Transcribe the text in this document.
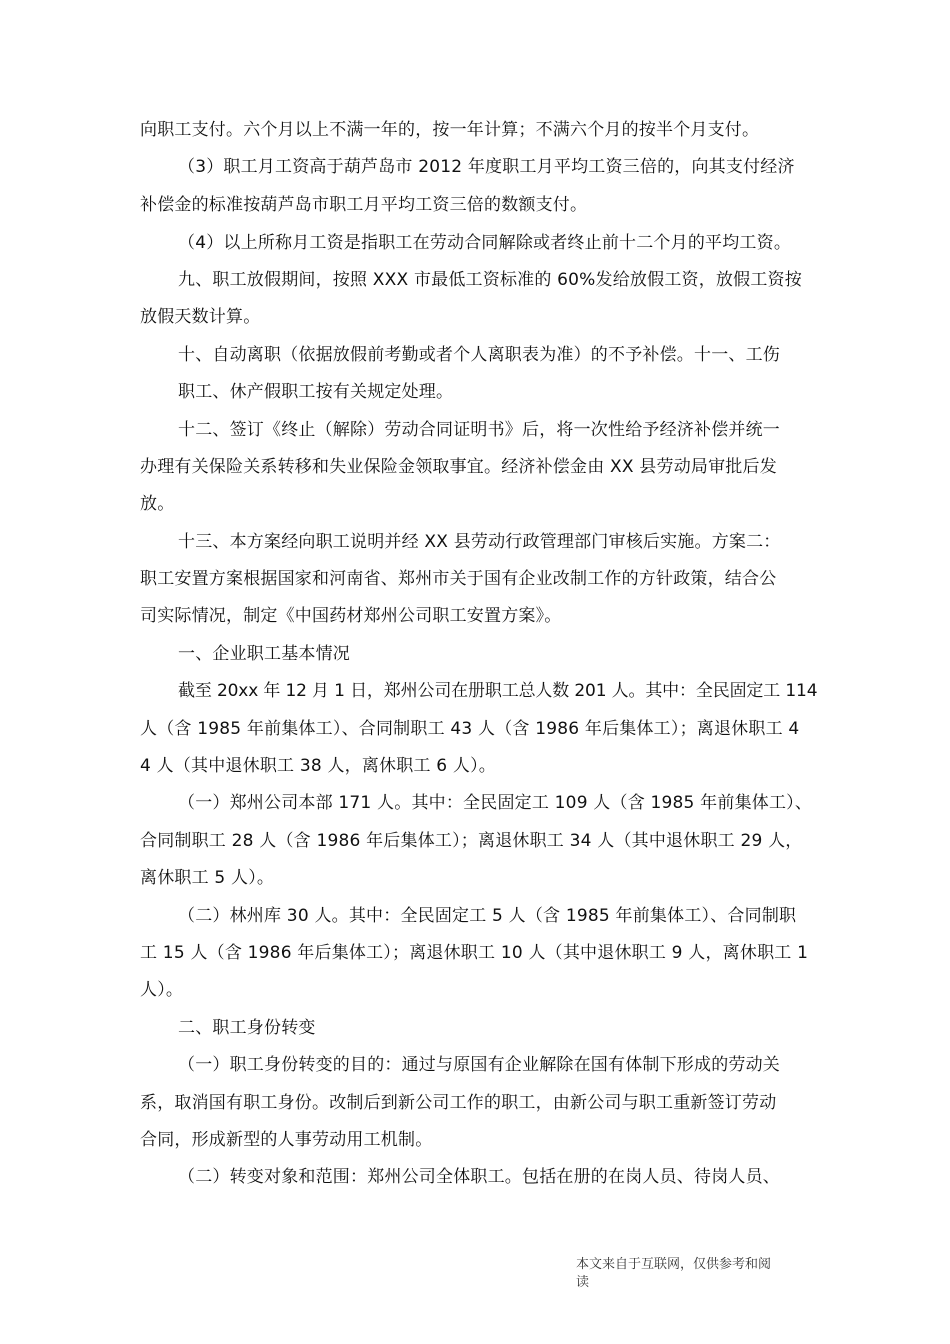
向职工支付。六个月以上不满一年的，按一年计算；不满六个月的按半个月支付。
（3）职工月工资高于葫芦岛市 2012 年度职工月平均工资三倍的，向其支付经济
补偿金的标准按葫芦岛市职工月平均工资三倍的数额支付。
（4）以上所称月工资是指职工在劳动合同解除或者终止前十二个月的平均工资。
九、职工放假期间，按照 XXX 市最低工资标准的 60%发给放假工资，放假工资按
放假天数计算。
十、自动离职（依据放假前考勤或者个人离职表为准）的不予补偿。十一、工伤
职工、休产假职工按有关规定处理。
十二、签订《终止（解除）劳动合同证明书》后，将一次性给予经济补偿并统一
办理有关保险关系转移和失业保险金领取事宜。经济补偿金由 XX 县劳动局审批后发
放。
十三、本方案经向职工说明并经 XX 县劳动行政管理部门审核后实施。方案二：
职工安置方案根据国家和河南省、郑州市关于国有企业改制工作的方针政策，结合公
司实际情况，制定《中国药材郑州公司职工安置方案》。
一、企业职工基本情况
截至 20xx 年 12 月 1 日，郑州公司在册职工总人数 201 人。其中：全民固定工 114
人（含 1985 年前集体工）、合同制职工 43 人（含 1986 年后集体工）；离退休职工 4
4 人（其中退休职工 38 人，离休职工 6 人）。
（一）郑州公司本部 171 人。其中：全民固定工 109 人（含 1985 年前集体工）、
合同制职工 28 人（含 1986 年后集体工）；离退休职工 34 人（其中退休职工 29 人，
离休职工 5 人）。
（二）林州库 30 人。其中：全民固定工 5 人（含 1985 年前集体工）、合同制职
工 15 人（含 1986 年后集体工）；离退休职工 10 人（其中退休职工 9 人，离休职工 1
人）。
二、职工身份转变
（一）职工身份转变的目的：通过与原国有企业解除在国有体制下形成的劳动关
系，取消国有职工身份。改制后到新公司工作的职工，由新公司与职工重新签订劳动
合同，形成新型的人事劳动用工机制。
（二）转变对象和范围：郑州公司全体职工。包括在册的在岗人员、待岗人员、
本文来自于互联网，仅供参考和阅
读
